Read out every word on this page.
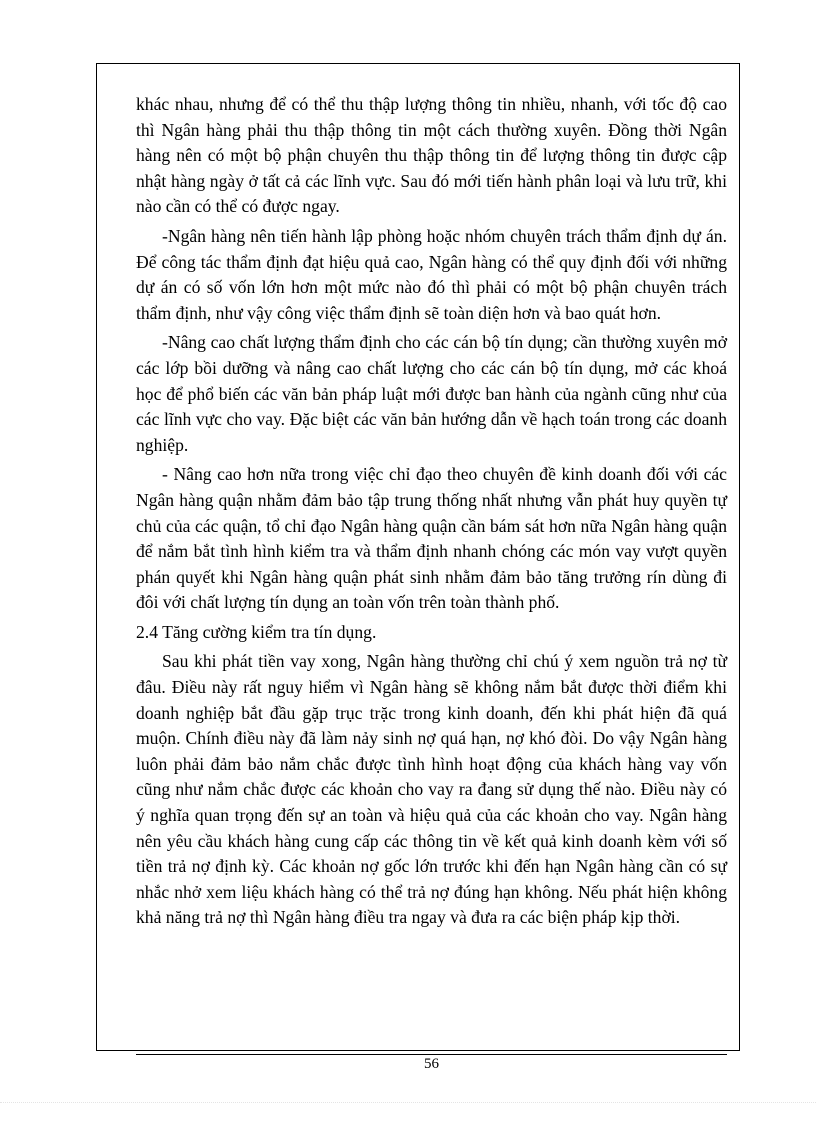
khác nhau, nhưng để có thể thu thập lượng thông tin nhiều, nhanh, với tốc độ cao thì Ngân hàng phải thu thập thông tin một cách thường xuyên. Đồng thời Ngân hàng nên có một bộ phận chuyên thu thập thông tin để lượng thông tin được cập nhật hàng ngày ở tất cả các lĩnh vực. Sau đó mới tiến hành phân loại và lưu trữ, khi nào cần có thể có được ngay.

-Ngân hàng nên tiến hành lập phòng hoặc nhóm chuyên trách thẩm định dự án. Để công tác thẩm định đạt hiệu quả cao, Ngân hàng có thể quy định đối với những dự án có số vốn lớn hơn một mức nào đó thì phải có một bộ phận chuyên trách thẩm định, như vậy công việc thẩm định sẽ toàn diện hơn và bao quát hơn.

-Nâng cao chất lượng thẩm định cho các cán bộ tín dụng; cần thường xuyên mở các lớp bồi dưỡng và nâng cao chất lượng cho các cán bộ tín dụng, mở các khoá học để phổ biến các văn bản pháp luật mới được ban hành của ngành cũng như của các lĩnh vực cho vay. Đặc biệt các văn bản hướng dẫn về hạch toán trong các doanh nghiệp.

- Nâng cao hơn nữa trong việc chỉ đạo theo chuyên đề kinh doanh đối với các Ngân hàng quận nhằm đảm bảo tập trung thống nhất nhưng vẫn phát huy quyền tự chủ của các quận, tổ chỉ đạo Ngân hàng quận cần bám sát hơn nữa Ngân hàng quận để nắm bắt tình hình kiểm tra và thẩm định nhanh chóng các món vay vượt quyền phán quyết khi Ngân hàng quận phát sinh nhằm đảm bảo tăng trưởng rín dùng đi đôi với chất lượng tín dụng an toàn vốn trên toàn thành phố.

2.4 Tăng cường kiểm tra tín dụng.

Sau khi phát tiền vay xong, Ngân hàng thường chỉ chú ý xem nguồn trả nợ từ đâu. Điều này rất nguy hiểm vì Ngân hàng sẽ không nắm bắt được thời điểm khi doanh nghiệp bắt đầu gặp trục trặc trong kinh doanh, đến khi phát hiện đã quá muộn. Chính điều này đã làm nảy sinh nợ quá hạn, nợ khó đòi. Do vậy Ngân hàng luôn phải đảm bảo nắm chắc được tình hình hoạt động của khách hàng vay vốn cũng như nắm chắc được các khoản cho vay ra đang sử dụng thế nào. Điều này có ý nghĩa quan trọng đến sự an toàn và hiệu quả của các khoản cho vay. Ngân hàng nên yêu cầu khách hàng cung cấp các thông tin về kết quả kinh doanh kèm với số tiền trả nợ định kỳ. Các khoản nợ gốc lớn trước khi đến hạn Ngân hàng cần có sự nhắc nhở xem liệu khách hàng có thể trả nợ đúng hạn không. Nếu phát hiện không khả năng trả nợ thì Ngân hàng điều tra ngay và đưa ra các biện pháp kịp thời.

56
